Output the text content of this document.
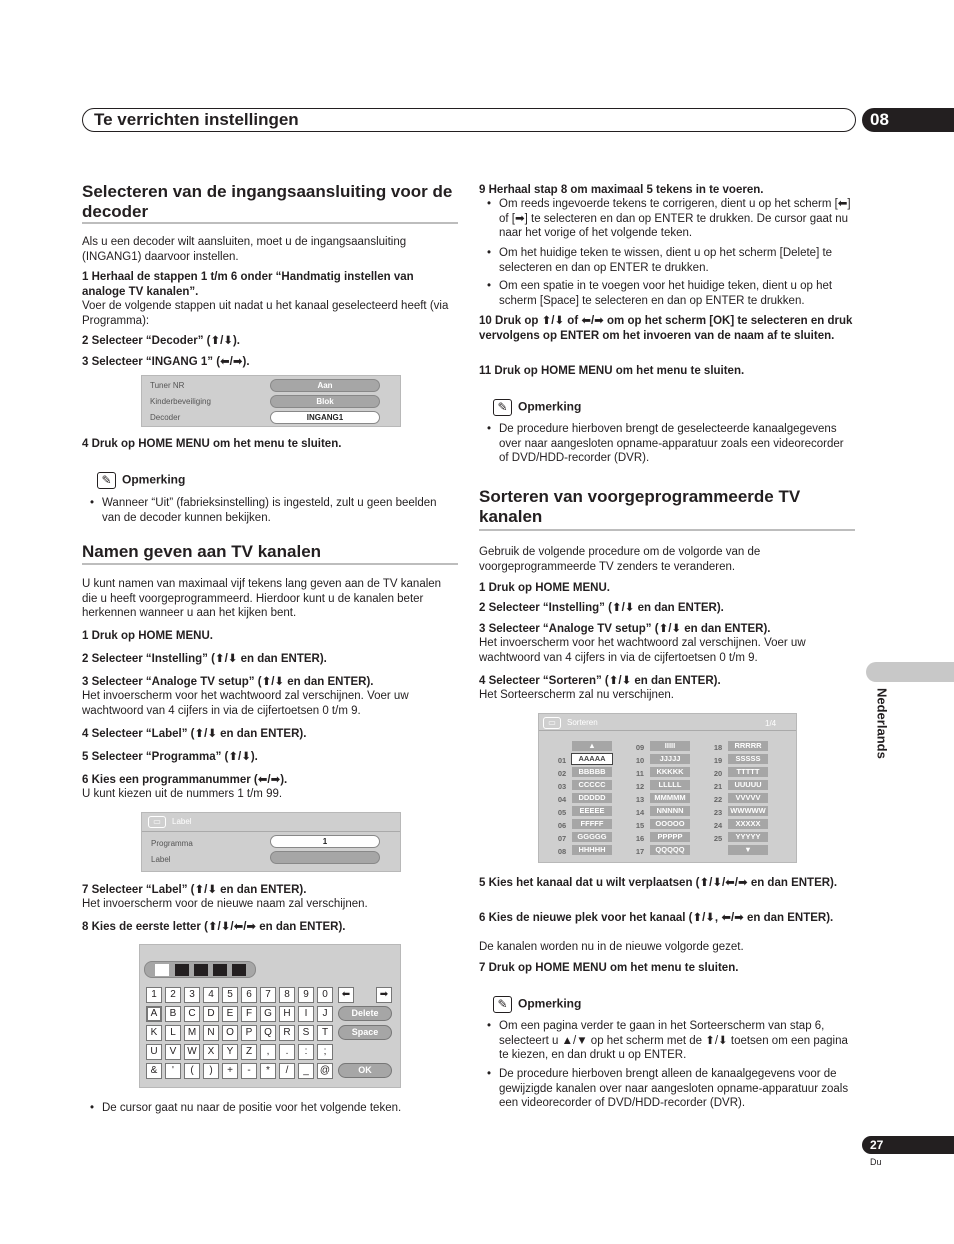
Te verrichten instellingen	08
Selecteren van de ingangsaansluiting voor de decoder
Als u een decoder wilt aansluiten, moet u de ingangsaansluiting (INGANG1) daarvoor instellen.
1 Herhaal de stappen 1 t/m 6 onder “Handmatig instellen van analoge TV kanalen”.
Voer de volgende stappen uit nadat u het kanaal geselecteerd heeft (via Programma):
2 Selecteer “Decoder” (⬆/⬇).
3 Selecteer “INGANG 1” (⬅/➡).
Tuner NR	Aan
Kinderbeveiliging	Blok
Decoder	INGANG1
4 Druk op HOME MENU om het menu te sluiten.
✎ Opmerking
• Wanneer “Uit” (fabrieksinstelling) is ingesteld, zult u geen beelden van de decoder kunnen bekijken.
Namen geven aan TV kanalen
U kunt namen van maximaal vijf tekens lang geven aan de TV kanalen die u heeft voorgeprogrammeerd. Hierdoor kunt u de kanalen beter herkennen wanneer u aan het kijken bent.
1 Druk op HOME MENU.
2 Selecteer “Instelling” (⬆/⬇ en dan ENTER).
3 Selecteer “Analoge TV setup” (⬆/⬇ en dan ENTER).
Het invoerscherm voor het wachtwoord zal verschijnen. Voer uw wachtwoord van 4 cijfers in via de cijfertoetsen 0 t/m 9.
4 Selecteer “Label” (⬆/⬇ en dan ENTER).
5 Selecteer “Programma” (⬆/⬇).
6 Kies een programmanummer (⬅/➡).
U kunt kiezen uit de nummers 1 t/m 99.
▭ Label
Programma	1
Label
7 Selecteer “Label” (⬆/⬇ en dan ENTER).
Het invoerscherm voor de nieuwe naam zal verschijnen.
8 Kies de eerste letter (⬆/⬇/⬅/➡ en dan ENTER).
1	2	3	4	5	6	7	8	9	0
A	B	C	D	E	F	G	H	I	J
K	L	M	N	O	P	Q	R	S	T
U	V	W	X	Y	Z	,	.	:	;
&	'	(	)	+	-	*	/	_	@
⬅	➡
Delete
Space
OK
• De cursor gaat nu naar de positie voor het volgende teken.
9 Herhaal stap 8 om maximaal 5 tekens in te voeren.
• Om reeds ingevoerde tekens te corrigeren, dient u op het scherm [⬅] of [➡] te selecteren en dan op ENTER te drukken. De cursor gaat nu naar het vorige of het volgende teken.
• Om het huidige teken te wissen, dient u op het scherm [Delete] te selecteren en dan op ENTER te drukken.
• Om een spatie in te voegen voor het huidige teken, dient u op het scherm [Space] te selecteren en dan op ENTER te drukken.
10 Druk op ⬆/⬇ of ⬅/➡ om op het scherm [OK] te selecteren en druk vervolgens op ENTER om het invoeren van de naam af te sluiten.
11 Druk op HOME MENU om het menu te sluiten.
✎ Opmerking
• De procedure hierboven brengt de geselecteerde kanaalgegevens over naar aangesloten opname-apparatuur zoals een videorecorder of DVD/HDD-recorder (DVR).
Sorteren van voorgeprogrammeerde TV kanalen
Gebruik de volgende procedure om de volgorde van de voorgeprogrammeerde TV zenders te veranderen.
1 Druk op HOME MENU.
2 Selecteer “Instelling” (⬆/⬇ en dan ENTER).
3 Selecteer “Analoge TV setup” (⬆/⬇ en dan ENTER).
Het invoerscherm voor het wachtwoord zal verschijnen. Voer uw wachtwoord van 4 cijfers in via de cijfertoetsen 0 t/m 9.
4 Selecteer “Sorteren” (⬆/⬇ en dan ENTER).
Het Sorteerscherm zal nu verschijnen.
▭ Sorteren	1/4
▲
01	AAAAA
02	BBBBB
03	CCCCC
04	DDDDD
05	EEEEE
06	FFFFF
07	GGGGG
08	HHHHH
09	IIIII
10	JJJJJ
11	KKKKK
12	LLLLL
13	MMMMM
14	NNNNN
15	OOOOO
16	PPPPP
17	QQQQQ
18	RRRRR
19	SSSSS
20	TTTTT
21	UUUUU
22	VVVVV
23	WWWWW
24	XXXXX
25	YYYYY
▼
5 Kies het kanaal dat u wilt verplaatsen (⬆/⬇/⬅/➡ en dan ENTER).
6 Kies de nieuwe plek voor het kanaal (⬆/⬇, ⬅/➡ en dan ENTER).
De kanalen worden nu in de nieuwe volgorde gezet.
7 Druk op HOME MENU om het menu te sluiten.
✎ Opmerking
• Om een pagina verder te gaan in het Sorteerscherm van stap 6, selecteert u ▲/▼ op het scherm met de ⬆/⬇ toetsen om een pagina te kiezen, en dan drukt u op ENTER.
• De procedure hierboven brengt alleen de kanaalgegevens voor de gewijzigde kanalen over naar aangesloten opname-apparatuur zoals een videorecorder of DVD/HDD-recorder (DVR).
Nederlands
27
Du
